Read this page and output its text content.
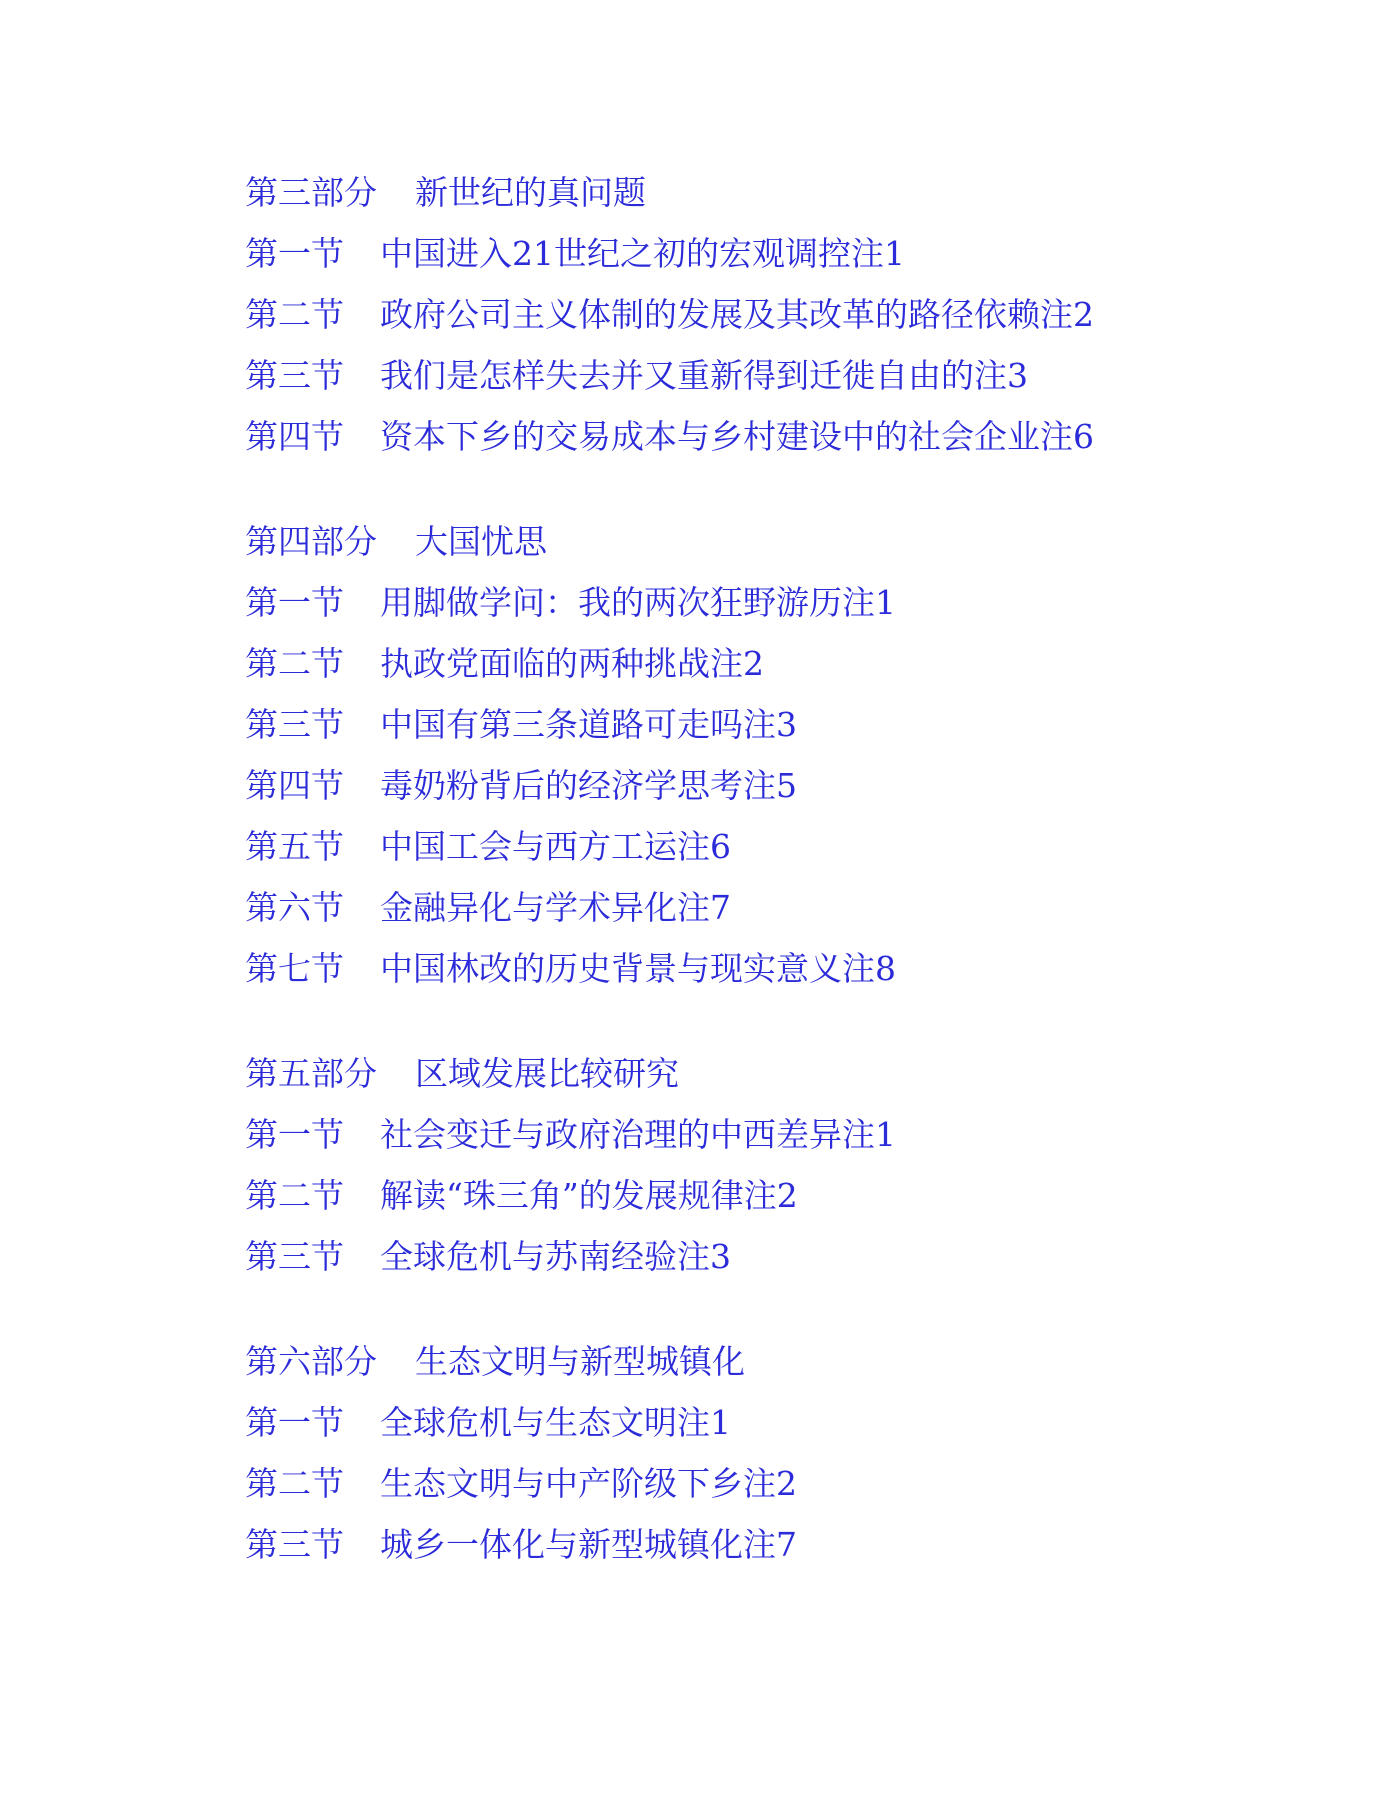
第三部分 新世纪的真问题
第一节 中国进入21世纪之初的宏观调控注1
第二节 政府公司主义体制的发展及其改革的路径依赖注2
第三节 我们是怎样失去并又重新得到迁徙自由的注3
第四节 资本下乡的交易成本与乡村建设中的社会企业注6
第四部分 大国忧思
第一节 用脚做学问：我的两次狂野游历注1
第二节 执政党面临的两种挑战注2
第三节 中国有第三条道路可走吗注3
第四节 毒奶粉背后的经济学思考注5
第五节 中国工会与西方工运注6
第六节 金融异化与学术异化注7
第七节 中国林改的历史背景与现实意义注8
第五部分 区域发展比较研究
第一节 社会变迁与政府治理的中西差异注1
第二节 解读“珠三角”的发展规律注2
第三节 全球危机与苏南经验注3
第六部分 生态文明与新型城镇化
第一节 全球危机与生态文明注1
第二节 生态文明与中产阶级下乡注2
第三节 城乡一体化与新型城镇化注7
